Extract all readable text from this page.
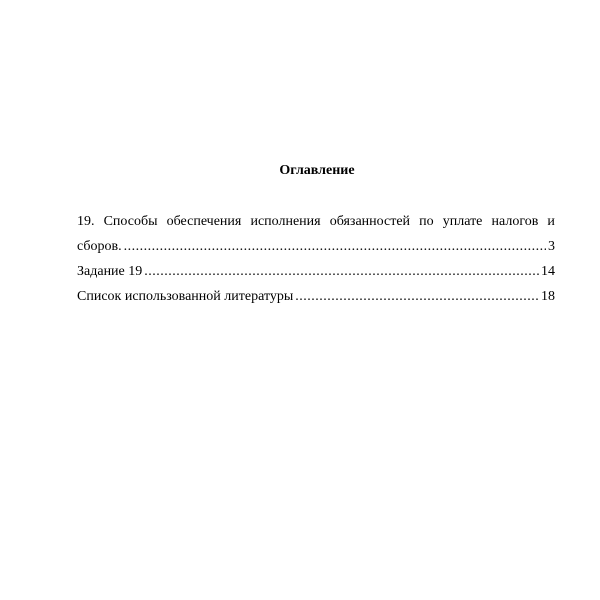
Оглавление
19. Способы обеспечения исполнения обязанностей по уплате налогов и
сборов. .....	3
Задание 19 .....	14
Список использованной литературы .....	18
